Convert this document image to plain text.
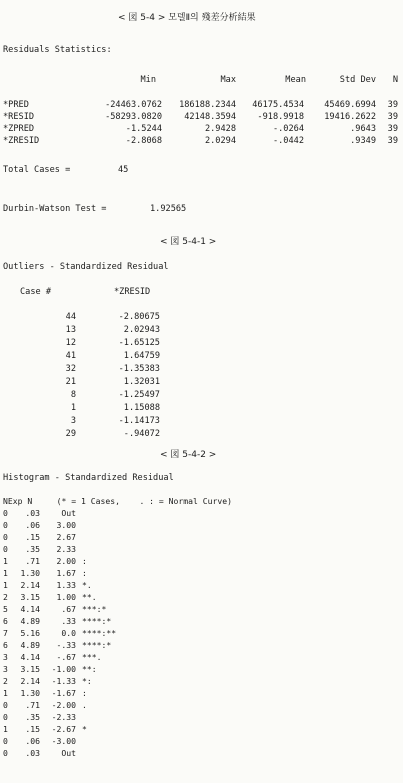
< 図 5-4 > 모델Ⅱ의 殘差分析結果
Residuals Statistics:
Min	Max	Mean	Std Dev	N
*PRED	-24463.0762	186188.2344	46175.4534	45469.6994	39
*RESID	-58293.0820	42148.3594	-918.9918	19416.2622	39
*ZPRED	-1.5244	2.9428	-.0264	.9643	39
*ZRESID	-2.8068	2.0294	-.0442	.9349	39
Total Cases =	45
Durbin-Watson Test =	1.92565
< 図 5-4-1 >
Outliers - Standardized Residual
Case #	*ZRESID
44	-2.80675
13	2.02943
12	-1.65125
41	1.64759
32	-1.35383
21	1.32031
8	-1.25497
1	1.15088
3	-1.14173
29	-.94072
< 図 5-4-2 >
Histogram - Standardized Residual
NExp N     (* = 1 Cases,    . : = Normal Curve)
0 .03	Out
0 .06 3.00
0 .15 2.67
0 .35 2.33
1 .71 2.00 :
1 1.30 1.67 :
1 2.14 1.33 *.
2 3.15 1.00 **.
5 4.14	.67 ***:*
6 4.89	.33 ****:*
7 5.16	0.0 ****:**
6 4.89 -.33 ****:*
3 4.14 -.67 ***.
3 3.15 -1.00 **:
2 2.14 -1.33 *:
1 1.30 -1.67 :
0 .71 -2.00 .
0 .35 -2.33
1 .15 -2.67 *
0 .06 -3.00
0 .03	Out
